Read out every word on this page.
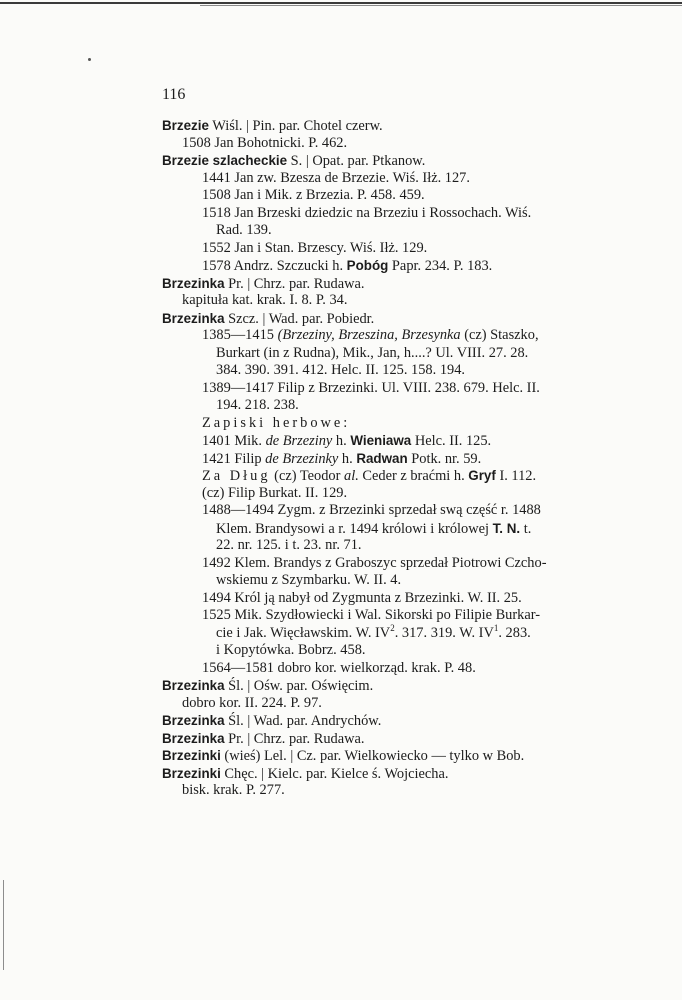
116
Brzezie Wiśl. | Pin. par. Chotel czerw.
1508 Jan Bohotnicki. P. 462.
Brzezie szlacheckie S. | Opat. par. Ptkanow.
1441 Jan zw. Bzesza de Brzezie. Wiś. Iłż. 127.
1508 Jan i Mik. z Brzezia. P. 458. 459.
1518 Jan Brzeski dziedzic na Brzeziu i Rossochach. Wiś.
Rad. 139.
1552 Jan i Stan. Brzescy. Wiś. Iłż. 129.
1578 Andrz. Szczucki h. Pobóg Papr. 234. P. 183.
Brzezinka Pr. | Chrz. par. Rudawa.
kapituła kat. krak. I. 8. P. 34.
Brzezinka Szcz. | Wad. par. Pobiedr.
1385—1415 (Brzeziny, Brzeszina, Brzesynka (cz) Staszko,
Burkart (in z Rudna), Mik., Jan, h....? Ul. VIII. 27. 28.
384. 390. 391. 412. Helc. II. 125. 158. 194.
1389—1417 Filip z Brzezinki. Ul. VIII. 238. 679. Helc. II.
194. 218. 238.
Zapiski herbowe:
1401 Mik. de Brzeziny h. Wieniawa Helc. II. 125.
1421 Filip de Brzezinky h. Radwan Potk. nr. 59.
Za Dług (cz) Teodor al. Ceder z braćmi h. Gryf I. 112.
(cz) Filip Burkat. II. 129.
1488—1494 Zygm. z Brzezinki sprzedał swą część r. 1488
Klem. Brandysowi a r. 1494 królowi i królowej T. N. t.
22. nr. 125. i t. 23. nr. 71.
1492 Klem. Brandys z Graboszyc sprzedał Piotrowi Czcho-
wskiemu z Szymbarku. W. II. 4.
1494 Król ją nabył od Zygmunta z Brzezinki. W. II. 25.
1525 Mik. Szydłowiecki i Wal. Sikorski po Filipie Burkar-
cie i Jak. Więcławskim. W. $IV^2$. 317. 319. W. $IV^1$. 283.
i Kopytówka. Bobrz. 458.
1564—1581 dobro kor. wielkorząd. krak. P. 48.
Brzezinka Śl. | Ośw. par. Oświęcim.
dobro kor. II. 224. P. 97.
Brzezinka Śl. | Wad. par. Andrychów.
Brzezinka Pr. | Chrz. par. Rudawa.
Brzezinki (wieś) Lel. | Cz. par. Wielkowiecko — tylko w Bob.
Brzezinki Chęc. | Kielc. par. Kielce ś. Wojciecha.
bisk. krak. P. 277.
